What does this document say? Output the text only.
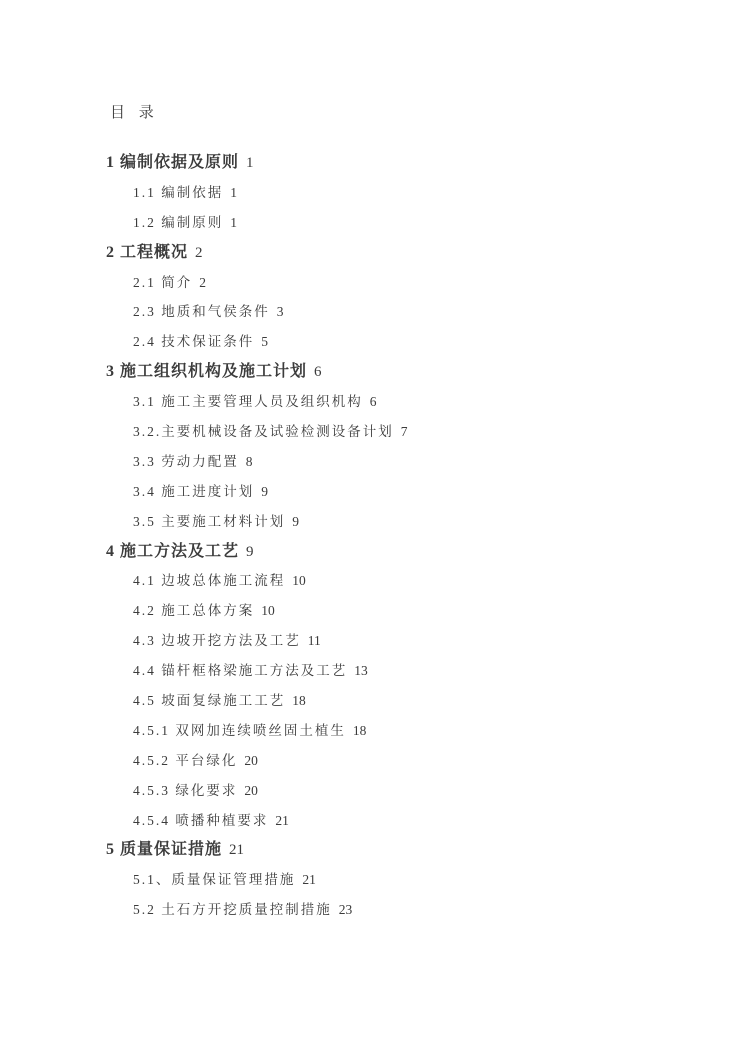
目 录
1 编制依据及原则 1
1.1 编制依据 1
1.2 编制原则 1
2 工程概况 2
2.1 简介 2
2.3 地质和气侯条件 3
2.4 技术保证条件 5
3 施工组织机构及施工计划 6
3.1 施工主要管理人员及组织机构 6
3.2.主要机械设备及试验检测设备计划 7
3.3 劳动力配置 8
3.4 施工进度计划 9
3.5 主要施工材料计划 9
4 施工方法及工艺 9
4.1 边坡总体施工流程 10
4.2 施工总体方案 10
4.3 边坡开挖方法及工艺 11
4.4 锚杆框格梁施工方法及工艺 13
4.5 坡面复绿施工工艺 18
4.5.1 双网加连续喷丝固土植生 18
4.5.2 平台绿化 20
4.5.3 绿化要求 20
4.5.4 喷播种植要求 21
5 质量保证措施 21
5.1、质量保证管理措施 21
5.2 土石方开挖质量控制措施 23
